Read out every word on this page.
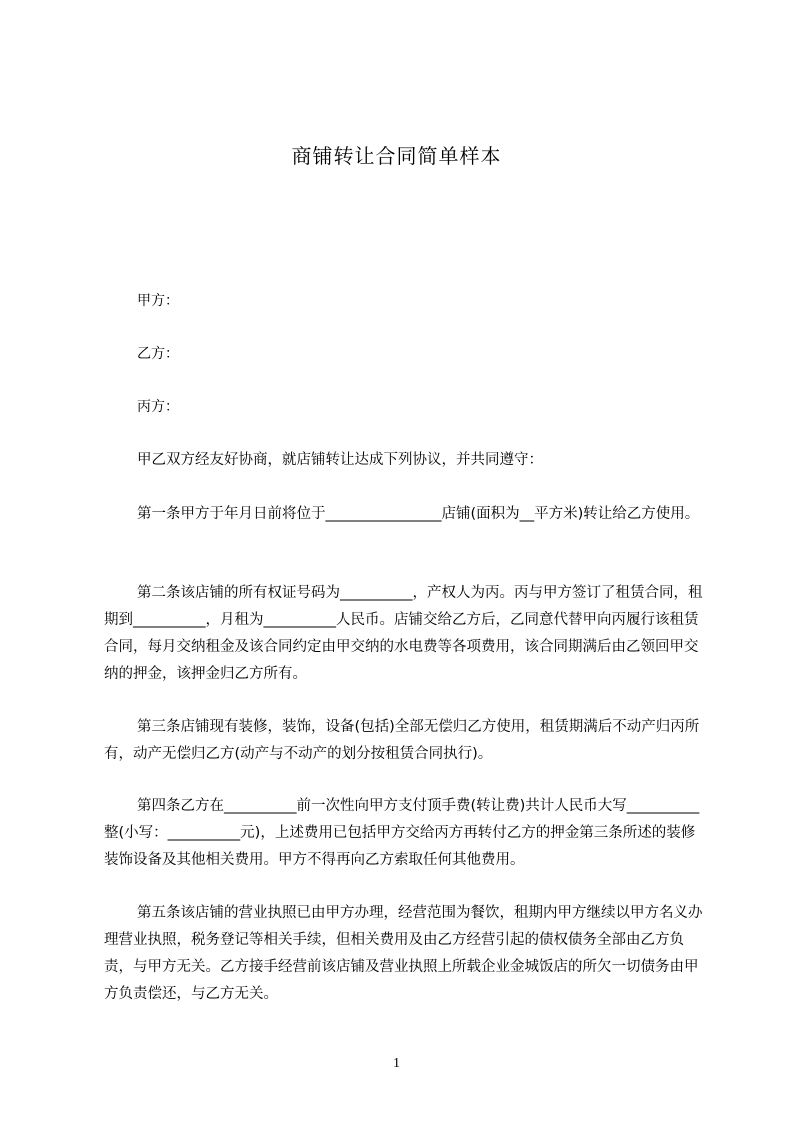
商铺转让合同简单样本
甲方：
乙方：
丙方：
甲乙双方经友好协商，就店铺转让达成下列协议，并共同遵守：
第一条甲方于年月日前将位于________________店铺(面积为__平方米)转让给乙方使用。
第二条该店铺的所有权证号码为__________，产权人为丙。丙与甲方签订了租赁合同，租期到__________，月租为__________人民币。店铺交给乙方后，乙同意代替甲向丙履行该租赁合同，每月交纳租金及该合同约定由甲交纳的水电费等各项费用，该合同期满后由乙领回甲交纳的押金，该押金归乙方所有。
第三条店铺现有装修，装饰，设备(包括)全部无偿归乙方使用，租赁期满后不动产归丙所有，动产无偿归乙方(动产与不动产的划分按租赁合同执行)。
第四条乙方在__________前一次性向甲方支付顶手费(转让费)共计人民币大写__________整(小写：__________元)，上述费用已包括甲方交给丙方再转付乙方的押金第三条所述的装修装饰设备及其他相关费用。甲方不得再向乙方索取任何其他费用。
第五条该店铺的营业执照已由甲方办理，经营范围为餐饮，租期内甲方继续以甲方名义办理营业执照，税务登记等相关手续，但相关费用及由乙方经营引起的债权债务全部由乙方负责，与甲方无关。乙方接手经营前该店铺及营业执照上所载企业金城饭店的所欠一切债务由甲方负责偿还，与乙方无关。
1
